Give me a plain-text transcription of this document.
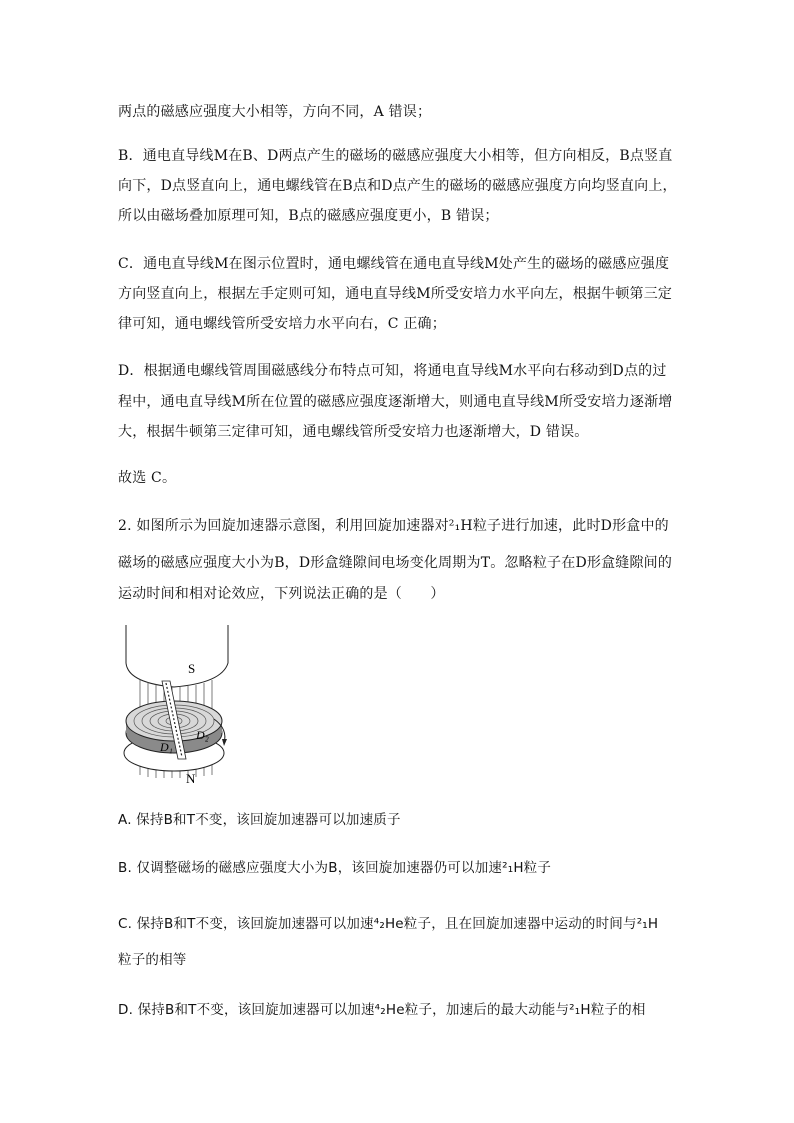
两点的磁感应强度大小相等，方向不同，A 错误；
B．通电直导线M在B、D两点产生的磁场的磁感应强度大小相等，但方向相反，B点竖直
向下，D点竖直向上，通电螺线管在B点和D点产生的磁场的磁感应强度方向均竖直向上，
所以由磁场叠加原理可知，B点的磁感应强度更小，B 错误；
C．通电直导线M在图示位置时，通电螺线管在通电直导线M处产生的磁场的磁感应强度
方向竖直向上，根据左手定则可知，通电直导线M所受安培力水平向左，根据牛顿第三定
律可知，通电螺线管所受安培力水平向右，C 正确；
D．根据通电螺线管周围磁感线分布特点可知，将通电直导线M水平向右移动到D点的过
程中，通电直导线M所在位置的磁感应强度逐渐增大，则通电直导线M所受安培力逐渐增
大，根据牛顿第三定律可知，通电螺线管所受安培力也逐渐增大，D 错误。
故选 C。
2. 如图所示为回旋加速器示意图，利用回旋加速器对²₁H粒子进行加速，此时D形盒中的
磁场的磁感应强度大小为B，D形盒缝隙间电场变化周期为T。忽略粒子在D形盒缝隙间的
运动时间和相对论效应，下列说法正确的是（　　）
S
N
D₁
D₂
A. 保持B和T不变，该回旋加速器可以加速质子
B. 仅调整磁场的磁感应强度大小为B，该回旋加速器仍可以加速²₁H粒子
C. 保持B和T不变，该回旋加速器可以加速⁴₂He粒子，且在回旋加速器中运动的时间与²₁H
粒子的相等
D. 保持B和T不变，该回旋加速器可以加速⁴₂He粒子，加速后的最大动能与²₁H粒子的相
